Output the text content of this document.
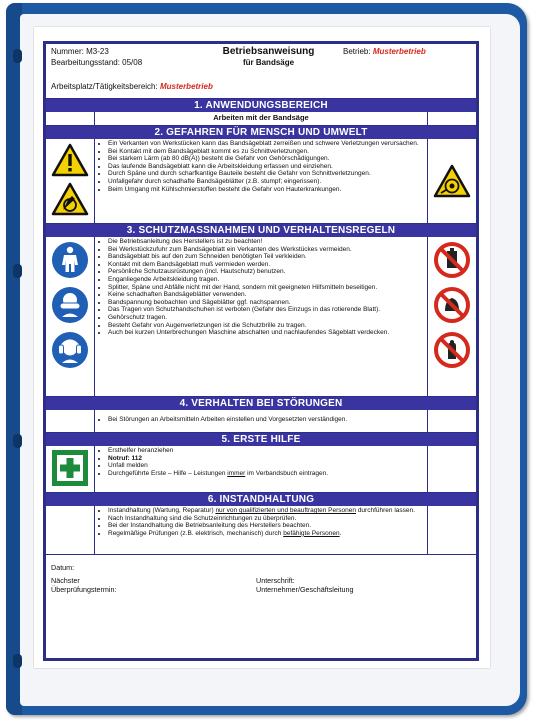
Nummer: M3-23
Bearbeitungsstand: 05/08
Betriebsanweisung
für Bandsäge
Betrieb: Musterbetrieb
Arbeitsplatz/Tätigkeitsbereich: Musterbetrieb
1. ANWENDUNGSBEREICH
Arbeiten mit der Bandsäge
2. GEFAHREN FÜR MENSCH UND UMWELT
• Ein Verkanten von Werkstücken kann das Bandsägeblatt zerreißen und schwere Verletzungen verursachen.
• Bei Kontakt mit dem Bandsägeblatt kommt es zu Schnittverletzungen.
• Bei starkem Lärm (ab 80 dB(A)) besteht die Gefahr von Gehörschädigungen.
• Das laufende Bandsägeblatt kann die Arbeitskleidung erfassen und einziehen.
• Durch Späne und durch scharfkantige Bauteile besteht die Gefahr von Schnittverletzungen.
• Unfallgefahr durch schadhafte Bandsägeblätter (z.B. stumpf; eingerissen).
• Beim Umgang mit Kühlschmierstoffen besteht die Gefahr von Hauterkrankungen.
3. SCHUTZMASSNAHMEN UND VERHALTENSREGELN
• Die Betriebsanleitung des Herstellers ist zu beachten!
• Bei Werkstückzufuhr zum Bandsägeblatt ein Verkanten des Werkstückes vermeiden.
• Bandsägeblatt bis auf den zum Schneiden benötigten Teil verkleiden.
• Kontakt mit dem Bandsägeblatt muß vermieden werden.
• Persönliche Schutzausrüstungen (incl. Hautschutz) benutzen.
• Enganliegende Arbeitskleidung tragen.
• Splitter, Späne und Abfälle nicht mit der Hand, sondern mit geeigneten Hilfsmitteln beseitigen.
• Keine schadhaften Bandsägeblätter verwenden.
• Bandspannung beobachten und Sägeblätter ggf. nachspannen.
• Das Tragen von Schutzhandschuhen ist verboten (Gefahr des Einzugs in das rotierende Blatt).
• Gehörschutz tragen.
• Besteht Gefahr von Augenverletzungen ist die Schutzbrille zu tragen.
• Auch bei kurzen Unterbrechungen Maschine abschalten und nachlaufendes Sägeblatt verdecken.
4. VERHALTEN BEI STÖRUNGEN
• Bei Störungen an Arbeitsmitteln Arbeiten einstellen und Vorgesetzten verständigen.
5. ERSTE HILFE
• Ersthelfer heranziehen
• Notruf: 112
• Unfall melden
• Durchgeführte Erste – Hilfe – Leistungen immer im Verbandsbuch eintragen.
6. INSTANDHALTUNG
• Instandhaltung (Wartung, Reparatur) nur von qualifizierten und beauftragten Personen durchführen lassen.
• Nach Instandhaltung sind die Schutzeinrichtungen zu überprüfen.
• Bei der Instandhaltung die Betriebsanleitung des Herstellers beachten.
• Regelmäßige Prüfungen (z.B. elektrisch, mechanisch) durch befähigte Personen.
Datum:
Nächster
Überprüfungstermin:
Unterschrift:
Unternehmer/Geschäftsleitung
